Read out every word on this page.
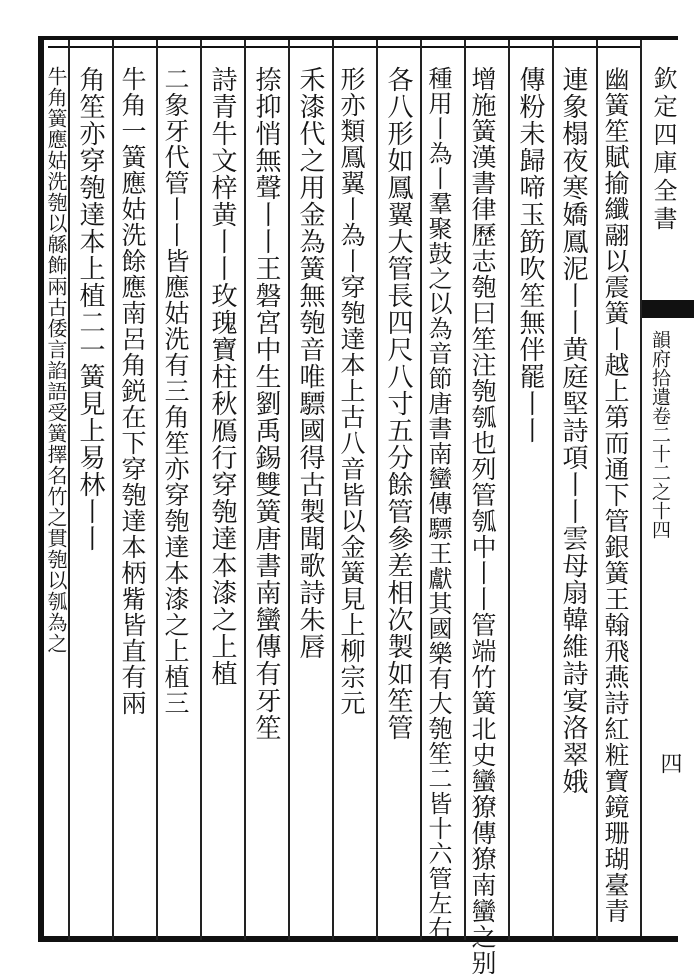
欽定四庫全書
韻府拾遺卷二十二之十四
四
幽簧笙賦揄纖翮以震簧丨越上第而通下管銀簧王翰飛燕詩紅粧寶鏡珊瑚臺青
連象榻夜寒嬌鳳泥丨丨黄庭堅詩項丨丨雲母扇韓維詩宴洛翠娥
傳粉未歸啼玉筯吹笙無伴罷丨丨
增施簧漢書律歷志匏曰笙注匏瓠也列管瓠中丨丨管端竹簧北史蠻獠傳獠南蠻之别
種用丨為丨羣聚鼓之以為音節唐書南蠻傳驃王獻其國樂有大匏笙二皆十六管左右
各八形如鳳翼大管長四尺八寸五分餘管參差相次製如笙管
形亦類鳳翼丨為丨穿匏達本上古八音皆以金簧見上柳宗元
禾漆代之用金為簧無匏音唯驃國得古製聞歌詩朱唇
捺抑悄無聲丨丨王磐宮中生劉禹錫雙簧唐書南蠻傳有牙笙
詩青牛文梓黄丨丨玫瑰寶柱秋鴈行穿匏達本漆之上植
二象牙代管丨丨皆應姑洗有三角笙亦穿匏達本漆之上植三
牛角一簧應姑洗餘應南呂角鋭在下穿匏達本柄觜皆直有兩
角笙亦穿匏達本上植二一簧見上易林丨丨
牛角簧應姑洗匏以緜飾兩古倭言諂語受簧擇名竹之貫匏以瓠為之
